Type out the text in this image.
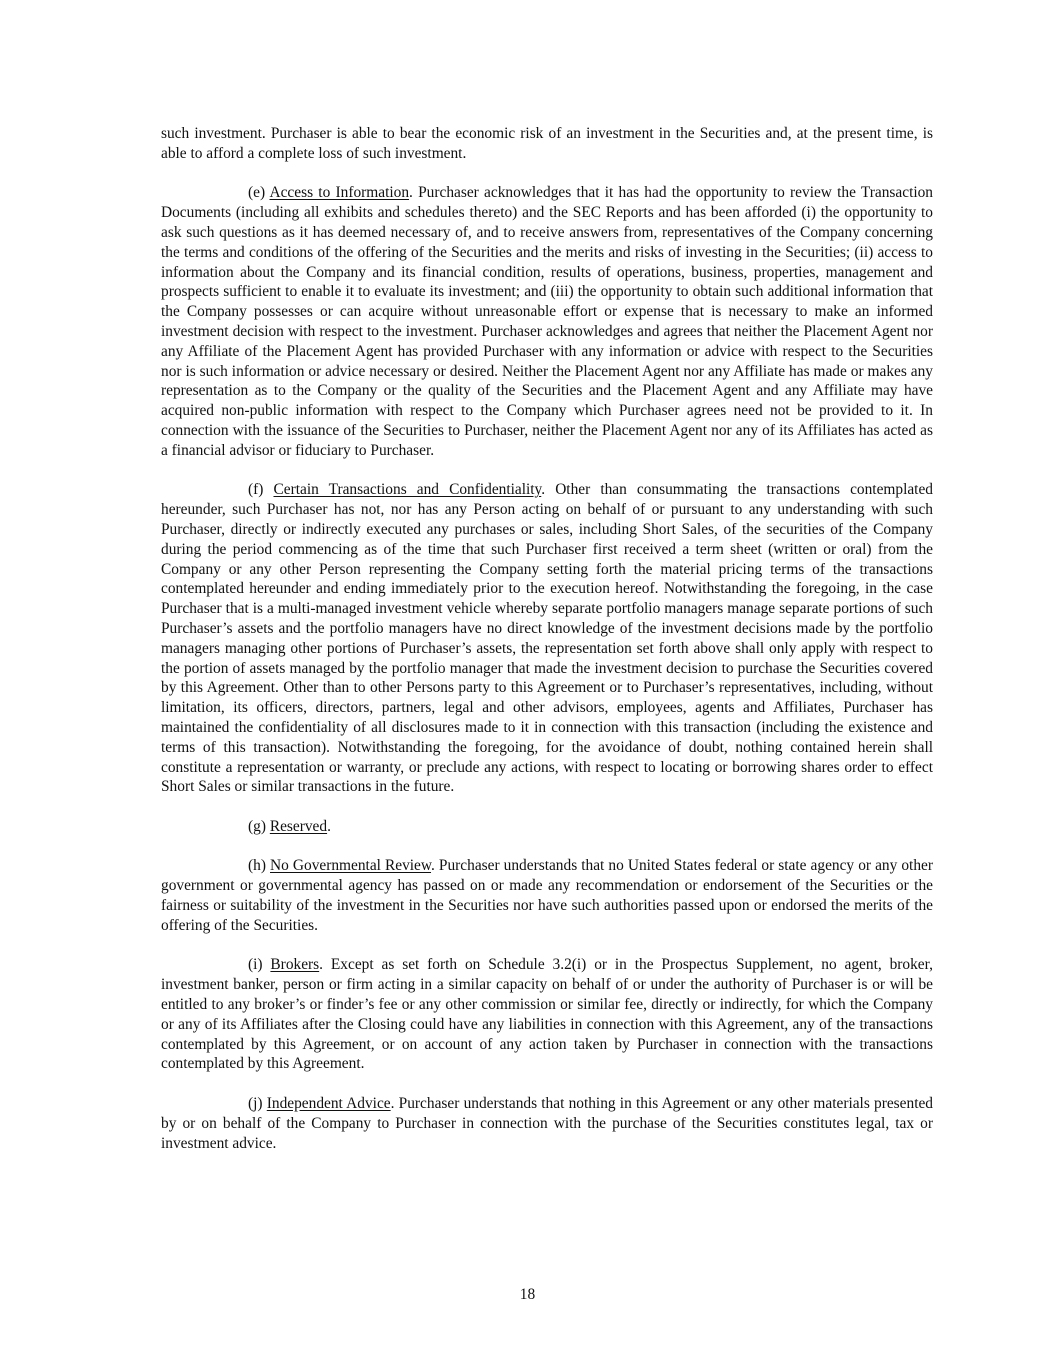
such investment. Purchaser is able to bear the economic risk of an investment in the Securities and, at the present time, is able to afford a complete loss of such investment.

(e) Access to Information. Purchaser acknowledges that it has had the opportunity to review the Transaction Documents (including all exhibits and schedules thereto) and the SEC Reports and has been afforded (i) the opportunity to ask such questions as it has deemed necessary of, and to receive answers from, representatives of the Company concerning the terms and conditions of the offering of the Securities and the merits and risks of investing in the Securities; (ii) access to information about the Company and its financial condition, results of operations, business, properties, management and prospects sufficient to enable it to evaluate its investment; and (iii) the opportunity to obtain such additional information that the Company possesses or can acquire without unreasonable effort or expense that is necessary to make an informed investment decision with respect to the investment. Purchaser acknowledges and agrees that neither the Placement Agent nor any Affiliate of the Placement Agent has provided Purchaser with any information or advice with respect to the Securities nor is such information or advice necessary or desired. Neither the Placement Agent nor any Affiliate has made or makes any representation as to the Company or the quality of the Securities and the Placement Agent and any Affiliate may have acquired non-public information with respect to the Company which Purchaser agrees need not be provided to it. In connection with the issuance of the Securities to Purchaser, neither the Placement Agent nor any of its Affiliates has acted as a financial advisor or fiduciary to Purchaser.

(f) Certain Transactions and Confidentiality. Other than consummating the transactions contemplated hereunder, such Purchaser has not, nor has any Person acting on behalf of or pursuant to any understanding with such Purchaser, directly or indirectly executed any purchases or sales, including Short Sales, of the securities of the Company during the period commencing as of the time that such Purchaser first received a term sheet (written or oral) from the Company or any other Person representing the Company setting forth the material pricing terms of the transactions contemplated hereunder and ending immediately prior to the execution hereof. Notwithstanding the foregoing, in the case Purchaser that is a multi-managed investment vehicle whereby separate portfolio managers manage separate portions of such Purchaser’s assets and the portfolio managers have no direct knowledge of the investment decisions made by the portfolio managers managing other portions of Purchaser’s assets, the representation set forth above shall only apply with respect to the portion of assets managed by the portfolio manager that made the investment decision to purchase the Securities covered by this Agreement. Other than to other Persons party to this Agreement or to Purchaser’s representatives, including, without limitation, its officers, directors, partners, legal and other advisors, employees, agents and Affiliates, Purchaser has maintained the confidentiality of all disclosures made to it in connection with this transaction (including the existence and terms of this transaction). Notwithstanding the foregoing, for the avoidance of doubt, nothing contained herein shall constitute a representation or warranty, or preclude any actions, with respect to locating or borrowing shares order to effect Short Sales or similar transactions in the future.

(g) Reserved.

(h) No Governmental Review. Purchaser understands that no United States federal or state agency or any other government or governmental agency has passed on or made any recommendation or endorsement of the Securities or the fairness or suitability of the investment in the Securities nor have such authorities passed upon or endorsed the merits of the offering of the Securities.

(i) Brokers. Except as set forth on Schedule 3.2(i) or in the Prospectus Supplement, no agent, broker, investment banker, person or firm acting in a similar capacity on behalf of or under the authority of Purchaser is or will be entitled to any broker’s or finder’s fee or any other commission or similar fee, directly or indirectly, for which the Company or any of its Affiliates after the Closing could have any liabilities in connection with this Agreement, any of the transactions contemplated by this Agreement, or on account of any action taken by Purchaser in connection with the transactions contemplated by this Agreement.

(j) Independent Advice. Purchaser understands that nothing in this Agreement or any other materials presented by or on behalf of the Company to Purchaser in connection with the purchase of the Securities constitutes legal, tax or investment advice.

18
